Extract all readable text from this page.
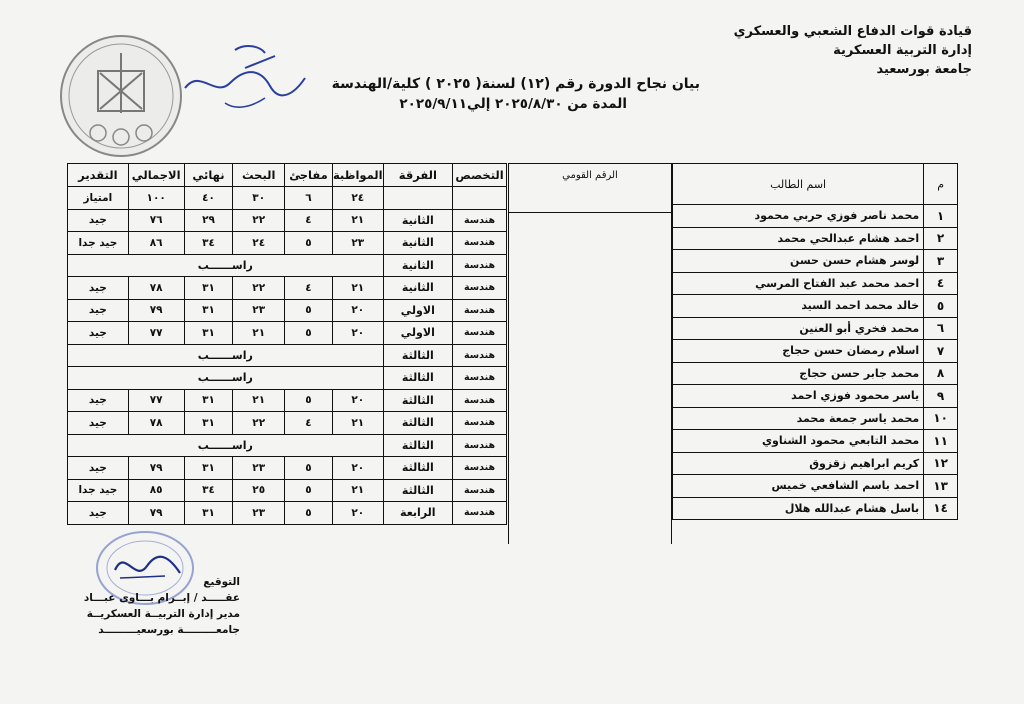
قيادة قوات الدفاع الشعبي والعسكري
إدارة التربية العسكرية
جامعة بورسعيد
بيان نجاح الدورة رقم (١٢) لسنة( ٢٠٢٥ ) كلية/الهندسة
المدة من ٢٠٢٥/٨/٣٠ إلي٢٠٢٥/٩/١١
التخصص	الفرقة	المواظبة	مفاجئ	البحث	نهائي	الاجمالي	التقدير
		٢٤	٦	٣٠	٤٠	١٠٠	امتياز
هندسة	الثانية	٢١	٤	٢٢	٢٩	٧٦	جيد
هندسة	الثانية	٢٣	٥	٢٤	٣٤	٨٦	جيد جدا
هندسة	الثانية	راســــــب					
هندسة	الثانية	٢١	٤	٢٢	٣١	٧٨	جيد
هندسة	الاولي	٢٠	٥	٢٣	٣١	٧٩	جيد
هندسة	الاولي	٢٠	٥	٢١	٣١	٧٧	جيد
هندسة	الثالثة	راســــــب					
هندسة	الثالثة	راســــــب					
هندسة	الثالثة	٢٠	٥	٢١	٣١	٧٧	جيد
هندسة	الثالثة	٢١	٤	٢٢	٣١	٧٨	جيد
هندسة	الثالثة	راســــــب					
هندسة	الثالثة	٢٠	٥	٢٣	٣١	٧٩	جيد
هندسة	الثالثة	٢١	٥	٢٥	٣٤	٨٥	جيد جدا
هندسة	الرابعة	٢٠	٥	٢٣	٣١	٧٩	جيد
الرقم القومي

م	اسم الطالب
١	محمد ناصر فوزي حربي محمود
٢	احمد هشام عبدالحي محمد
٣	لوسر هشام حسن حسن
٤	احمد محمد عبد الفتاح المرسي
٥	خالد محمد احمد السيد
٦	محمد فخري أبو العنين
٧	اسلام رمضان حسن حجاج
٨	محمد جابر حسن حجاج
٩	ياسر محمود فوزي احمد
١٠	محمد ياسر جمعة محمد
١١	محمد التابعي محمود الشناوي
١٢	كريم ابراهيم زقزوق
١٣	احمد باسم الشافعي خميس
١٤	باسل هشام عبدالله هلال
التوقيع
عقـــــد / إبــرام بـــاوى عبـــاد
مدير إدارة التربيــة العسكريــة
جامعـــــــــة بورسعيـــــــــد
